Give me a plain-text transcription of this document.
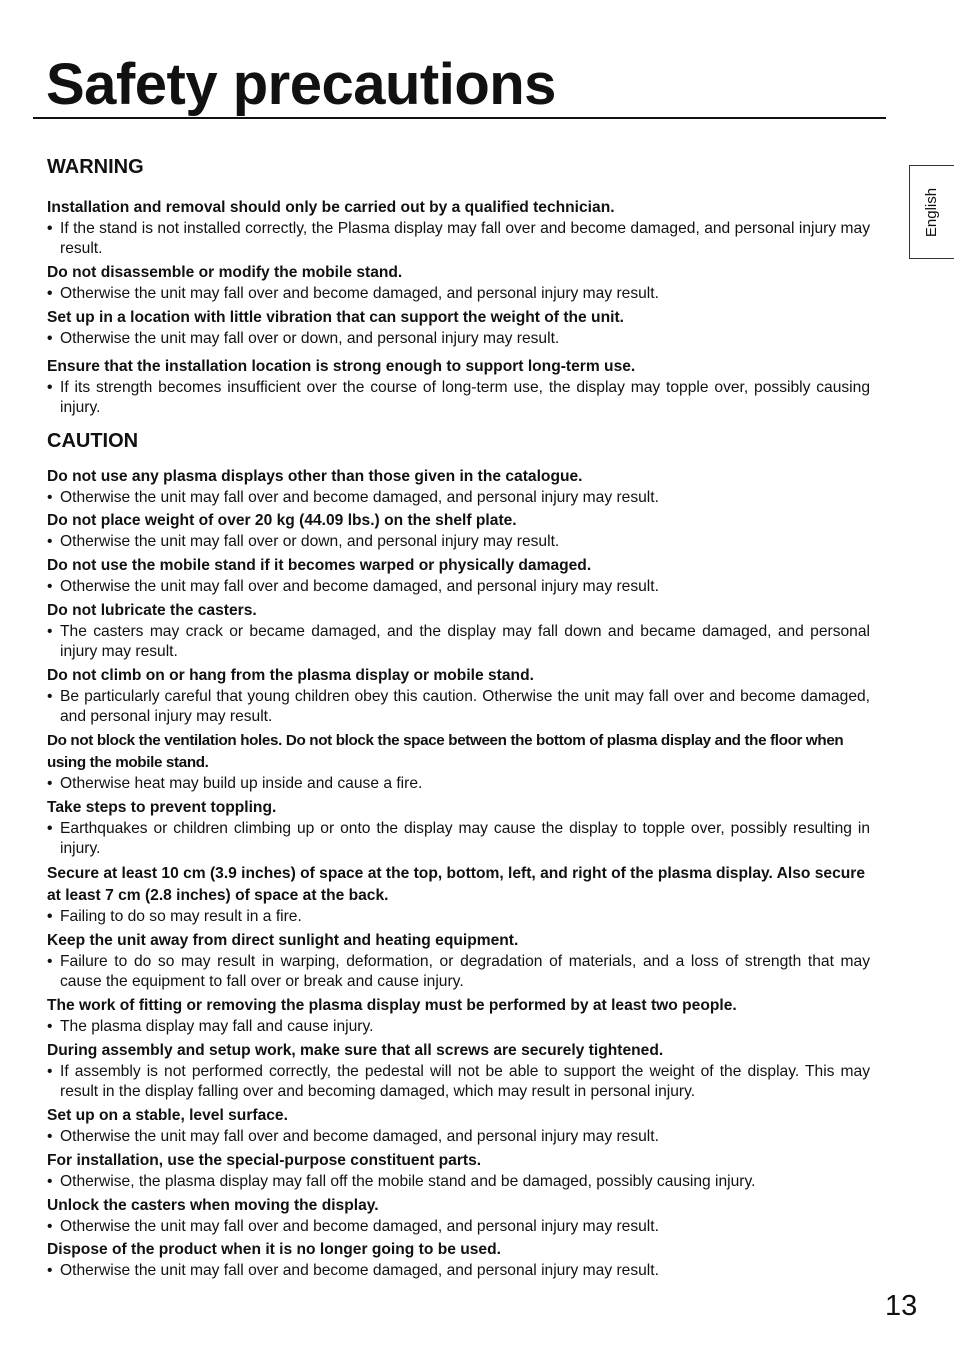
Safety precautions
English
WARNING
Installation and removal should only be carried out by a qualified technician.
• If the stand is not installed correctly, the Plasma display may fall over and become damaged, and personal injury may result.
Do not disassemble or modify the mobile stand.
• Otherwise the unit may fall over and become damaged, and personal injury may result.
Set up in a location with little vibration that can support the weight of the unit.
• Otherwise the unit may fall over or down, and personal injury may result.
Ensure that the installation location is strong enough to support long-term use.
• If its strength becomes insufficient over the course of long-term use, the display may topple over, possibly causing injury.
CAUTION
Do not use any plasma displays other than those given in the catalogue.
• Otherwise the unit may fall over and become damaged, and personal injury may result.
Do not place weight of over 20 kg (44.09 lbs.) on the shelf plate.
• Otherwise the unit may fall over or down, and personal injury may result.
Do not use the mobile stand if it becomes warped or physically damaged.
• Otherwise the unit may fall over and become damaged, and personal injury may result.
Do not lubricate the casters.
• The casters may crack or became damaged, and the display may fall down and became damaged, and personal injury may result.
Do not climb on or hang from the plasma display or mobile stand.
• Be particularly careful that young children obey this caution. Otherwise the unit may fall over and become damaged, and personal injury may result.
Do not block the ventilation holes. Do not block the space between the bottom of plasma display and the floor when using the mobile stand.
• Otherwise heat may build up inside and cause a fire.
Take steps to prevent toppling.
• Earthquakes or children climbing up or onto the display may cause the display to topple over, possibly resulting in injury.
Secure at least 10 cm (3.9 inches) of space at the top, bottom, left, and right of the plasma display. Also secure at least 7 cm (2.8 inches) of space at the back.
• Failing to do so may result in a fire.
Keep the unit away from direct sunlight and heating equipment.
• Failure to do so may result in warping, deformation, or degradation of materials, and a loss of strength that may cause the equipment to fall over or break and cause injury.
The work of fitting or removing the plasma display must be performed by at least two people.
• The plasma display may fall and cause injury.
During assembly and setup work, make sure that all screws are securely tightened.
• If assembly is not performed correctly, the pedestal will not be able to support the weight of the display. This may result in the display falling over and becoming damaged, which may result in personal injury.
Set up on a stable, level surface.
• Otherwise the unit may fall over and become damaged, and personal injury may result.
For installation, use the special-purpose constituent parts.
• Otherwise, the plasma display may fall off the mobile stand and be damaged, possibly causing injury.
Unlock the casters when moving the display.
• Otherwise the unit may fall over and become damaged, and personal injury may result.
Dispose of the product when it is no longer going to be used.
• Otherwise the unit may fall over and become damaged, and personal injury may result.
13
